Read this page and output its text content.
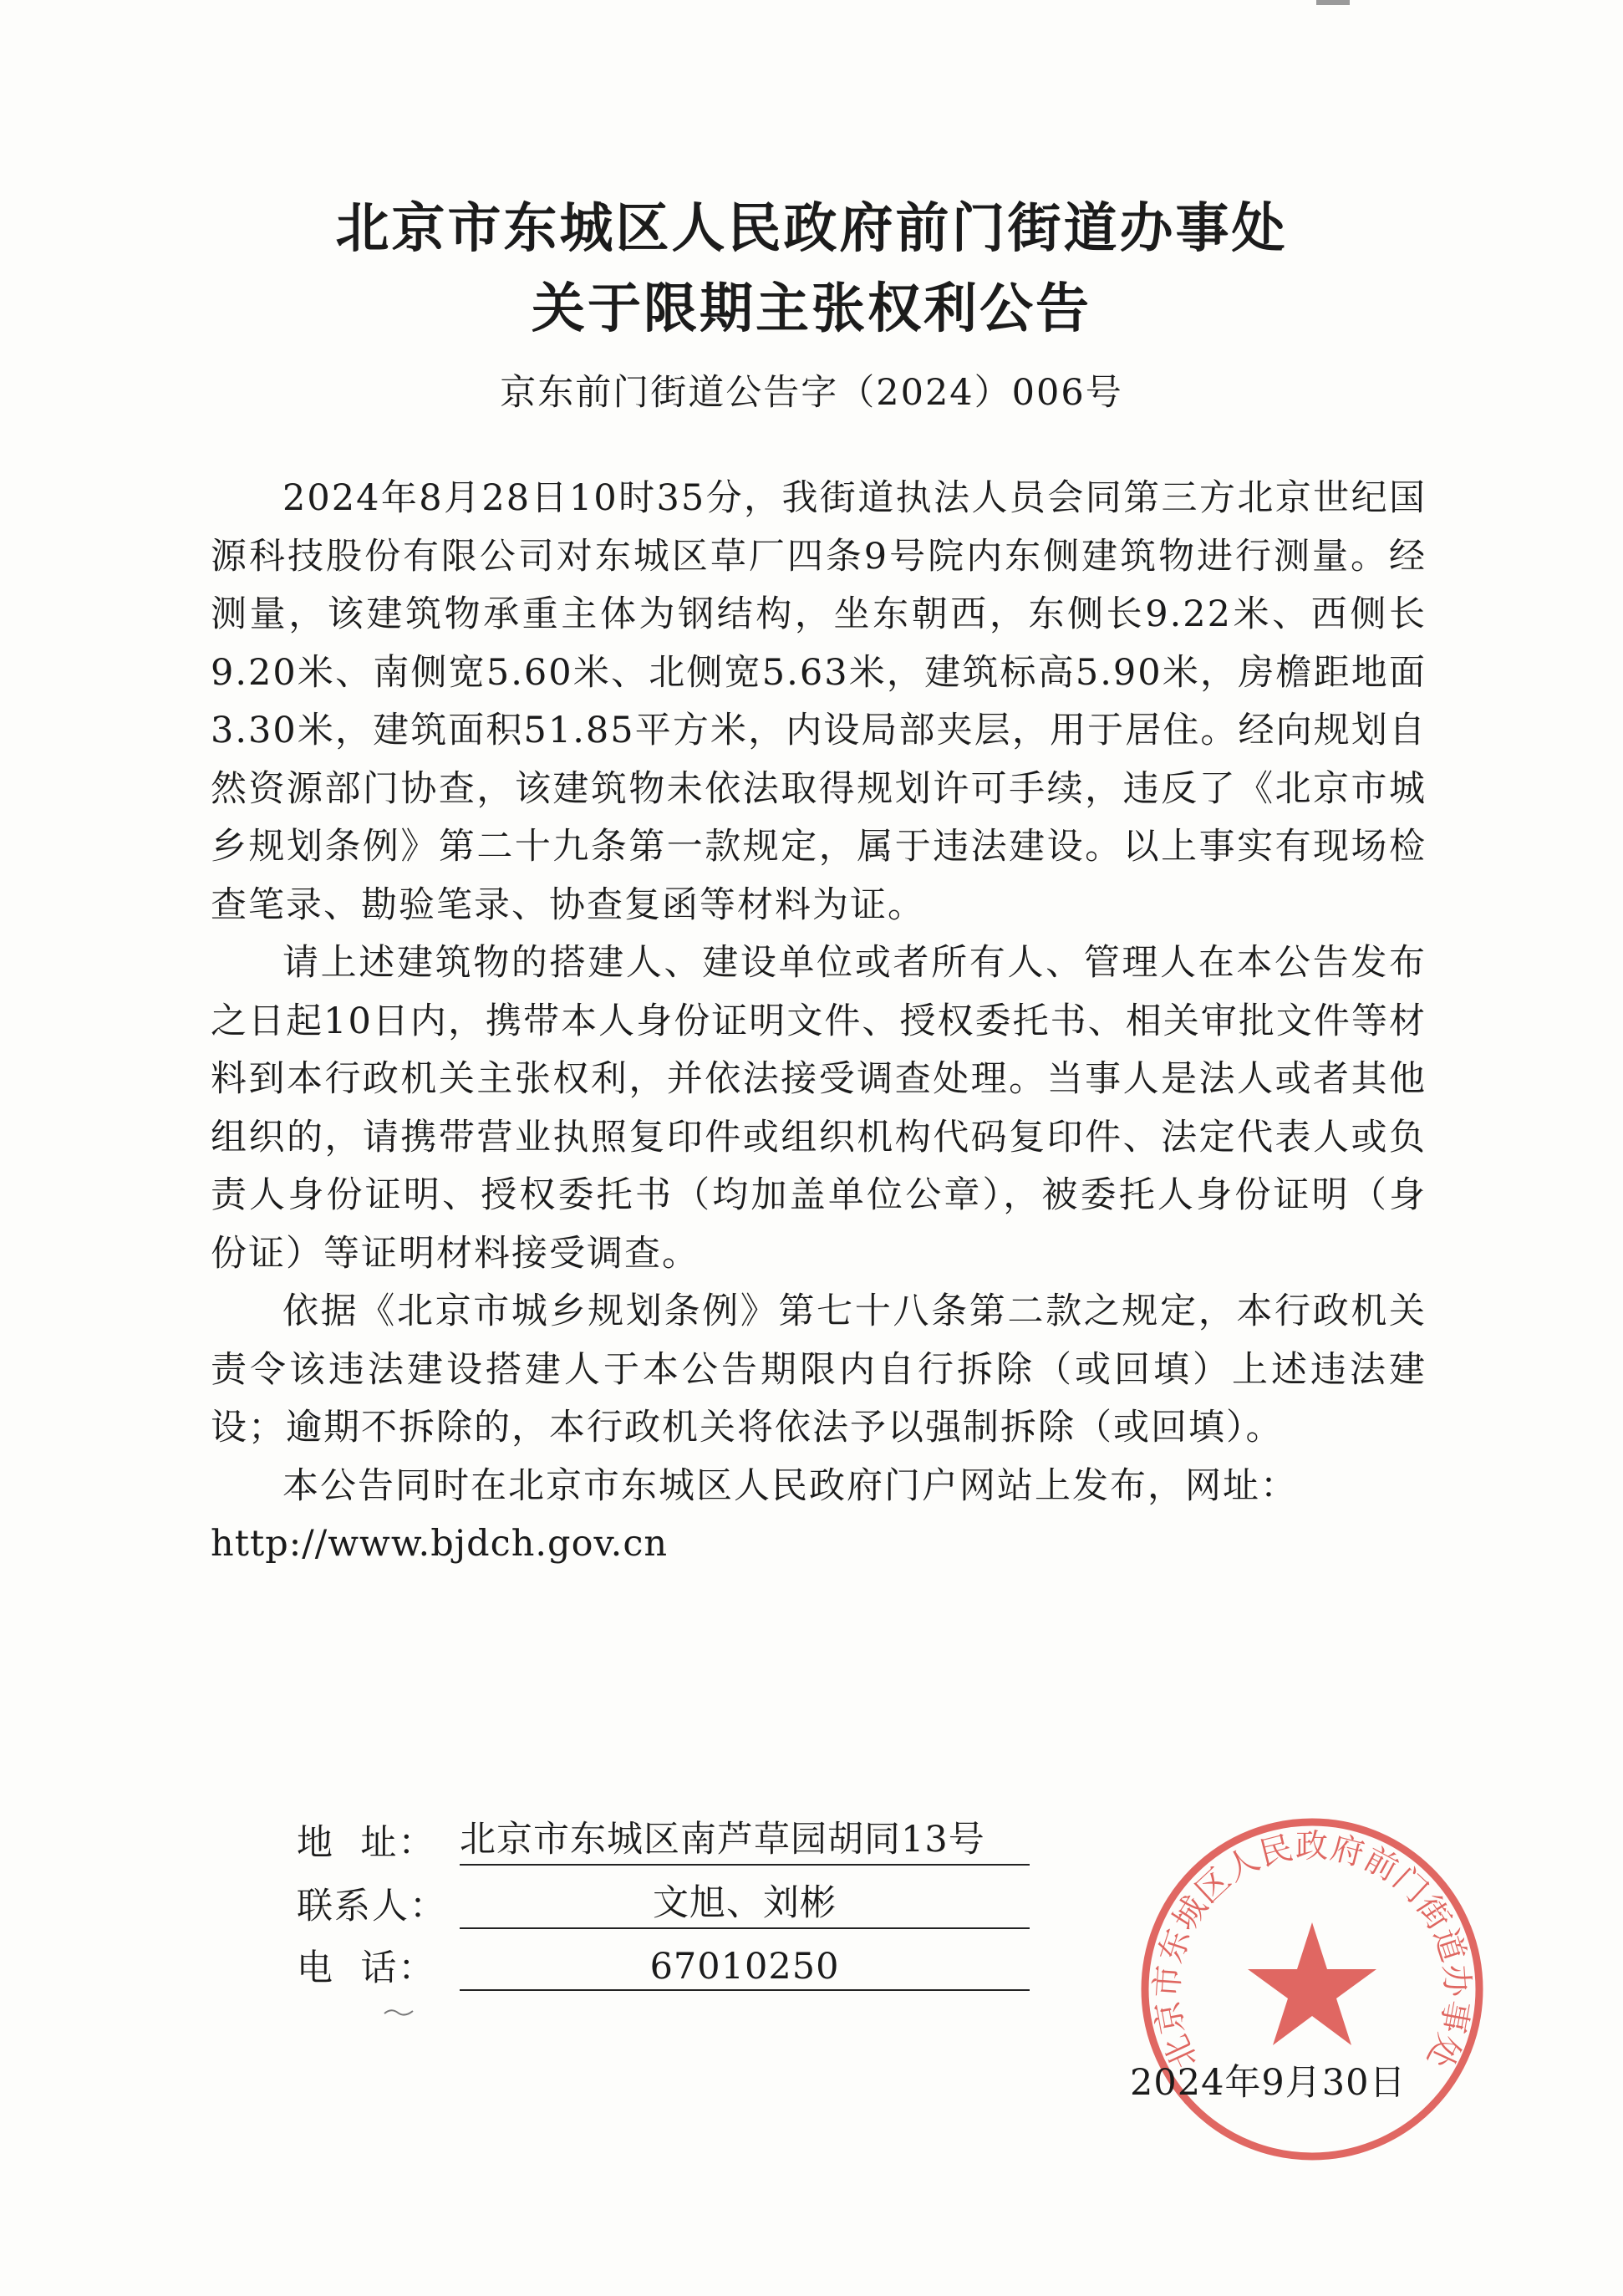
北京市东城区人民政府前门街道办事处
关于限期主张权利公告
京东前门街道公告字（2024）006号

2024年8月28日10时35分，我街道执法人员会同第三方北京世纪国源科技股份有限公司对东城区草厂四条9号院内东侧建筑物进行测量。经测量，该建筑物承重主体为钢结构，坐东朝西，东侧长9.22米、西侧长9.20米、南侧宽5.60米、北侧宽5.63米，建筑标高5.90米，房檐距地面3.30米，建筑面积51.85平方米，内设局部夹层，用于居住。经向规划自然资源部门协查，该建筑物未依法取得规划许可手续，违反了《北京市城乡规划条例》第二十九条第一款规定，属于违法建设。以上事实有现场检查笔录、勘验笔录、协查复函等材料为证。

请上述建筑物的搭建人、建设单位或者所有人、管理人在本公告发布之日起10日内，携带本人身份证明文件、授权委托书、相关审批文件等材料到本行政机关主张权利，并依法接受调查处理。当事人是法人或者其他组织的，请携带营业执照复印件或组织机构代码复印件、法定代表人或负责人身份证明、授权委托书（均加盖单位公章），被委托人身份证明（身份证）等证明材料接受调查。

依据《北京市城乡规划条例》第七十八条第二款之规定，本行政机关责令该违法建设搭建人于本公告期限内自行拆除（或回填）上述违法建设；逾期不拆除的，本行政机关将依法予以强制拆除（或回填）。

本公告同时在北京市东城区人民政府门户网站上发布，网址：

http://www.bjdch.gov.cn

地  址： 北京市东城区南芦草园胡同13号
联系人：	文旭、刘彬
电  话：	67010250
北京市东城区人民政府前门街道办事处
2024年9月30日
